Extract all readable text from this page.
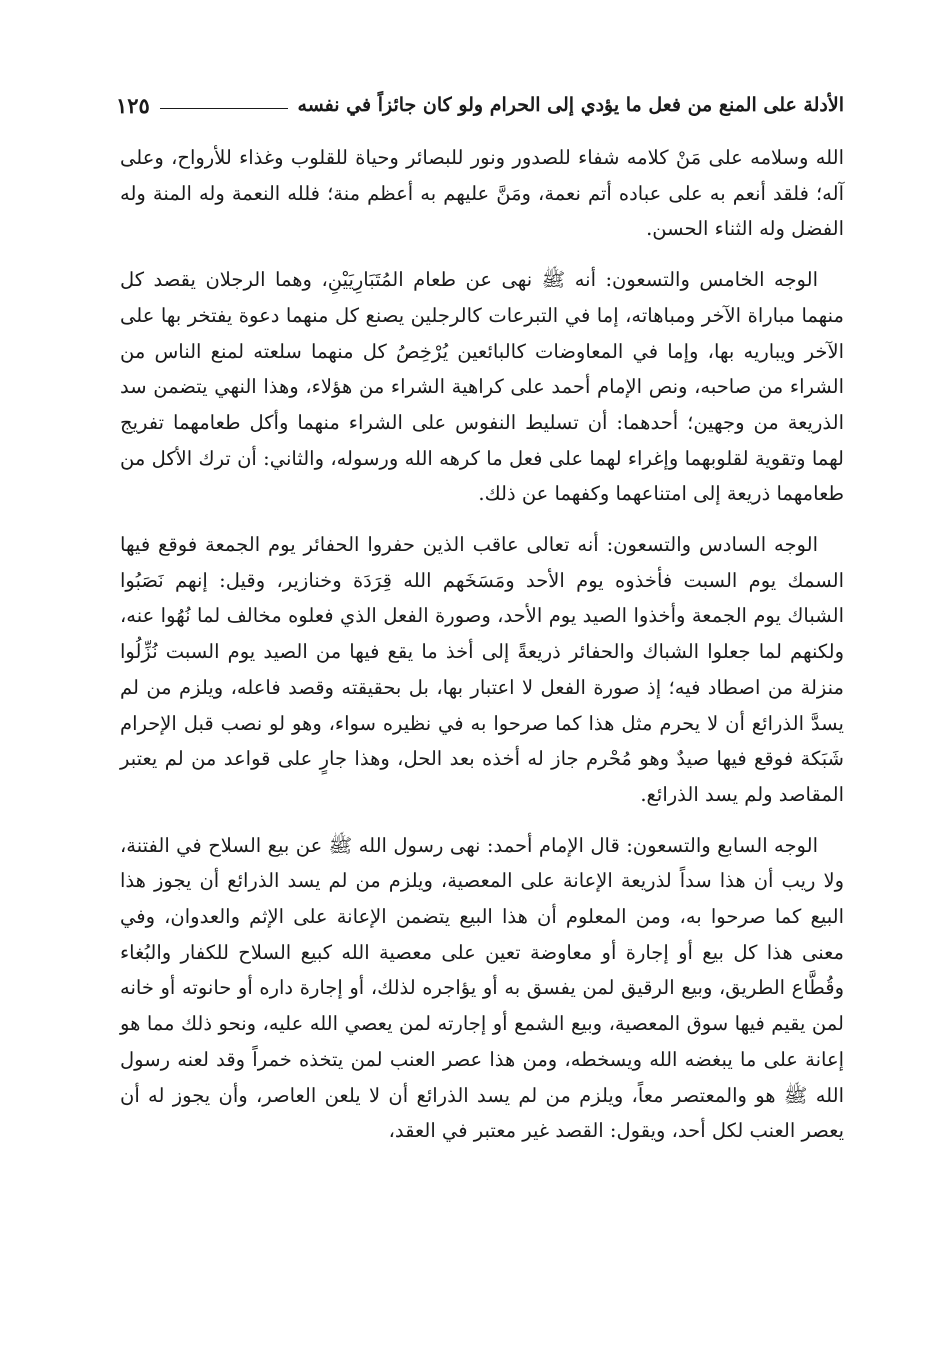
الأدلة على المنع من فعل ما يؤدي إلى الحرام ولو كان جائزاً في نفسه
١٢٥

الله وسلامه على مَنْ كلامه شفاء للصدور ونور للبصائر وحياة للقلوب وغذاء للأرواح، وعلى آله؛ فلقد أنعم به على عباده أتم نعمة، ومَنَّ عليهم به أعظم منة؛ فلله النعمة وله المنة وله الفضل وله الثناء الحسن.

الوجه الخامس والتسعون: أنه ﷺ نهى عن طعام المُتَبَارِيَيْنِ، وهما الرجلان يقصد كل منهما مباراة الآخر ومباهاته، إما في التبرعات كالرجلين يصنع كل منهما دعوة يفتخر بها على الآخر ويباريه بها، وإما في المعاوضات كالبائعين يُرْخِصُ كل منهما سلعته لمنع الناس من الشراء من صاحبه، ونص الإمام أحمد على كراهية الشراء من هؤلاء، وهذا النهي يتضمن سد الذريعة من وجهين؛ أحدهما: أن تسليط النفوس على الشراء منهما وأكل طعامهما تفريج لهما وتقوية لقلوبهما وإغراء لهما على فعل ما كرهه الله ورسوله، والثاني: أن ترك الأكل من طعامهما ذريعة إلى امتناعهما وكفهما عن ذلك.

الوجه السادس والتسعون: أنه تعالى عاقب الذين حفروا الحفائر يوم الجمعة فوقع فيها السمك يوم السبت فأخذوه يوم الأحد ومَسَخَهم الله قِرَدَة وخنازير، وقيل: إنهم نَصَبُوا الشباك يوم الجمعة وأخذوا الصيد يوم الأحد، وصورة الفعل الذي فعلوه مخالف لما نُهُوا عنه، ولكنهم لما جعلوا الشباك والحفائر ذريعةً إلى أخذ ما يقع فيها من الصيد يوم السبت نُزِّلُوا منزلة من اصطاد فيه؛ إذ صورة الفعل لا اعتبار بها، بل بحقيقته وقصد فاعله، ويلزم من لم يسدَّ الذرائع أن لا يحرم مثل هذا كما صرحوا به في نظيره سواء، وهو لو نصب قبل الإحرام شَبَكة فوقع فيها صيدٌ وهو مُحْرم جاز له أخذه بعد الحل، وهذا جارٍ على قواعد من لم يعتبر المقاصد ولم يسد الذرائع.

الوجه السابع والتسعون: قال الإمام أحمد: نهى رسول الله ﷺ عن بيع السلاح في الفتنة، ولا ريب أن هذا سداً لذريعة الإعانة على المعصية، ويلزم من لم يسد الذرائع أن يجوز هذا البيع كما صرحوا به، ومن المعلوم أن هذا البيع يتضمن الإعانة على الإثم والعدوان، وفي معنى هذا كل بيع أو إجارة أو معاوضة تعين على معصية الله كبيع السلاح للكفار والبُغاء وقُطَّاع الطريق، وبيع الرقيق لمن يفسق به أو يؤاجره لذلك، أو إجارة داره أو حانوته أو خانه لمن يقيم فيها سوق المعصية، وبيع الشمع أو إجارته لمن يعصي الله عليه، ونحو ذلك مما هو إعانة على ما يبغضه الله ويسخطه، ومن هذا عصر العنب لمن يتخذه خمراً وقد لعنه رسول الله ﷺ هو والمعتصر معاً، ويلزم من لم يسد الذرائع أن لا يلعن العاصر، وأن يجوز له أن يعصر العنب لكل أحد، ويقول: القصد غير معتبر في العقد،
